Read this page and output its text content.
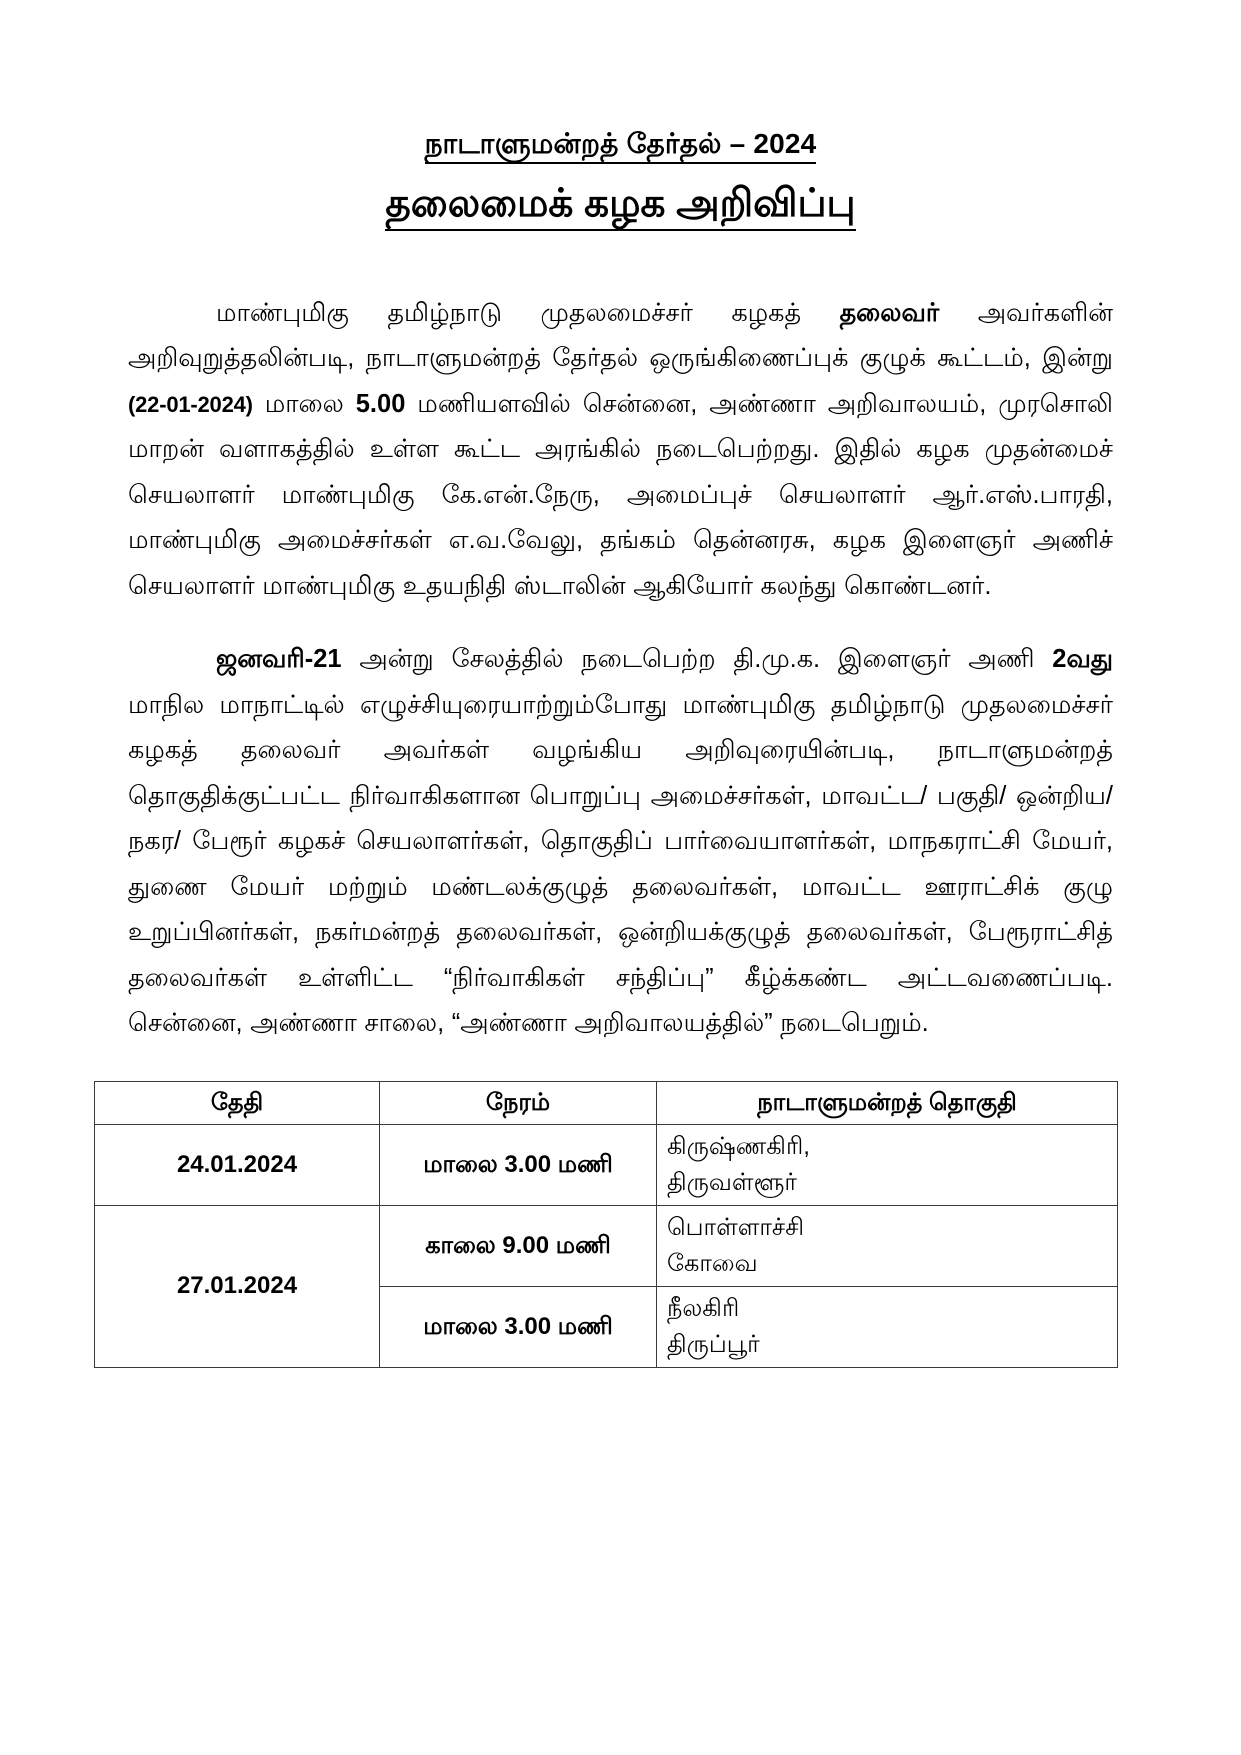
நாடாளுமன்றத் தேர்தல் – 2024
தலைமைக் கழக அறிவிப்பு

மாண்புமிகு தமிழ்நாடு முதலமைச்சர் கழகத் தலைவர் அவர்களின் அறிவுறுத்தலின்படி, நாடாளுமன்றத் தேர்தல் ஒருங்கிணைப்புக் குழுக் கூட்டம், இன்று (22-01-2024) மாலை 5.00 மணியளவில் சென்னை, அண்ணா அறிவாலயம், முரசொலி மாறன் வளாகத்தில் உள்ள கூட்ட அரங்கில் நடைபெற்றது. இதில் கழக முதன்மைச் செயலாளர் மாண்புமிகு கே.என்.நேரு, அமைப்புச் செயலாளர் ஆர்.எஸ்.பாரதி, மாண்புமிகு அமைச்சர்கள் எ.வ.வேலு, தங்கம் தென்னரசு, கழக இளைஞர் அணிச் செயலாளர் மாண்புமிகு உதயநிதி ஸ்டாலின் ஆகியோர் கலந்து கொண்டனர்.

ஜனவரி-21 அன்று சேலத்தில் நடைபெற்ற தி.மு.க. இளைஞர் அணி 2வது மாநில மாநாட்டில் எழுச்சியுரையாற்றும்போது மாண்புமிகு தமிழ்நாடு முதலமைச்சர் கழகத் தலைவர் அவர்கள் வழங்கிய அறிவுரையின்படி, நாடாளுமன்றத் தொகுதிக்குட்பட்ட நிர்வாகிகளான பொறுப்பு அமைச்சர்கள், மாவட்ட/ பகுதி/ ஒன்றிய/ நகர/ பேரூர் கழகச் செயலாளர்கள், தொகுதிப் பார்வையாளர்கள், மாநகராட்சி மேயர், துணை மேயர் மற்றும் மண்டலக்குழுத் தலைவர்கள், மாவட்ட ஊராட்சிக் குழு உறுப்பினர்கள், நகர்மன்றத் தலைவர்கள், ஒன்றியக்குழுத் தலைவர்கள், பேரூராட்சித் தலைவர்கள் உள்ளிட்ட “நிர்வாகிகள் சந்திப்பு” கீழ்க்கண்ட அட்டவணைப்படி. சென்னை, அண்ணா சாலை, “அண்ணா அறிவாலயத்தில்” நடைபெறும்.

தேதி	நேரம்	நாடாளுமன்றத் தொகுதி
24.01.2024	மாலை 3.00 மணி	கிருஷ்ணகிரி,
திருவள்ளூர்

27.01.2024	காலை 9.00 மணி	பொள்ளாச்சி
கோவை

	மாலை 3.00 மணி	நீலகிரி
திருப்பூர்
